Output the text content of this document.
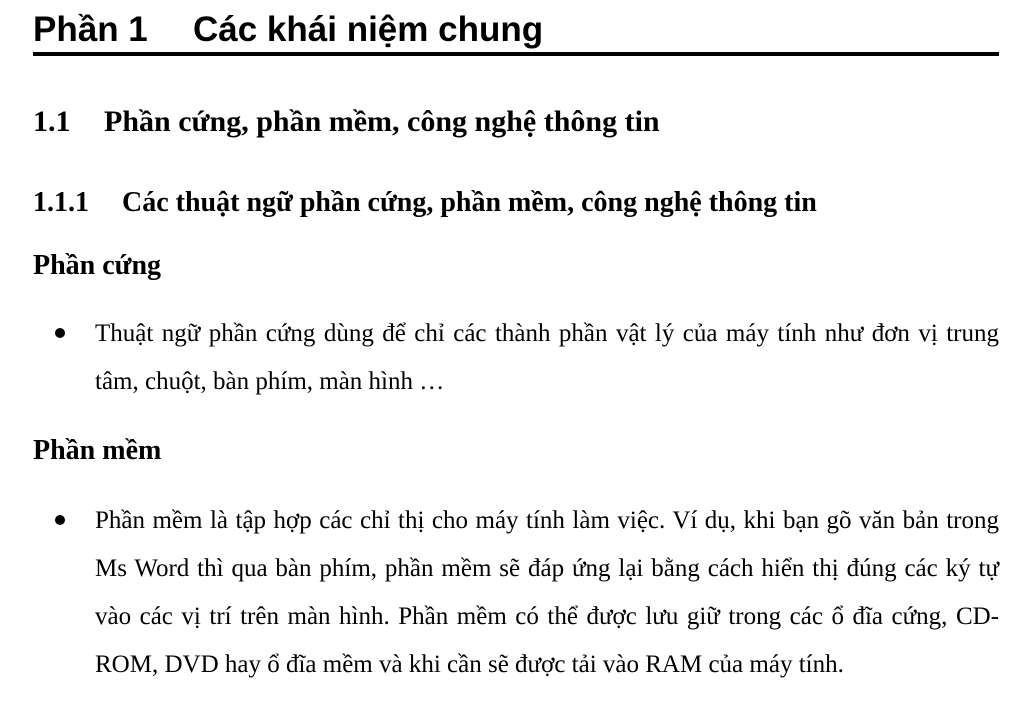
Phần 1 Các khái niệm chung
1.1 Phần cứng, phần mềm, công nghệ thông tin
1.1.1 Các thuật ngữ phần cứng, phần mềm, công nghệ thông tin
Phần cứng
Thuật ngữ phần cứng dùng để chỉ các thành phần vật lý của máy tính như đơn vị trung tâm, chuột, bàn phím, màn hình …
Phần mềm
Phần mềm là tập hợp các chỉ thị cho máy tính làm việc. Ví dụ, khi bạn gõ văn bản trong Ms Word thì qua bàn phím, phần mềm sẽ đáp ứng lại bằng cách hiển thị đúng các ký tự vào các vị trí trên màn hình. Phần mềm có thể được lưu giữ trong các ổ đĩa cứng, CD-ROM, DVD hay ổ đĩa mềm và khi cần sẽ được tải vào RAM của máy tính.
